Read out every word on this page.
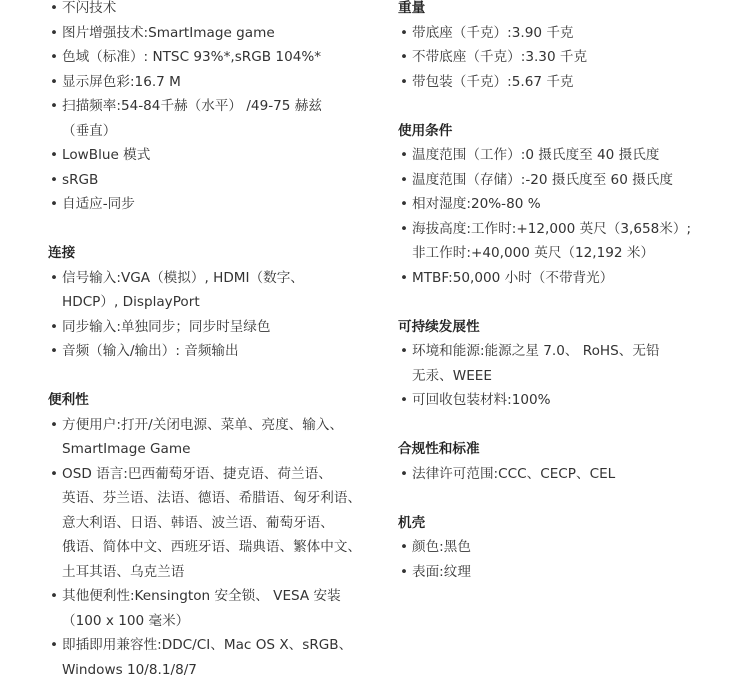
• 不闪技术
• 图片增强技术:SmartImage game
• 色域（标准）: NTSC 93%*,sRGB 104%*
• 显示屏色彩:16.7 M
• 扫描频率:54-84千赫（水平） /49-75 赫兹
（垂直）
• LowBlue 模式
• sRGB
• 自适应-同步
连接
• 信号输入:VGA（模拟）, HDMI（数字、
HDCP）, DisplayPort
• 同步输入:单独同步；同步时呈绿色
• 音频（输入/输出）: 音频输出
便利性
• 方便用户:打开/关闭电源、菜单、亮度、输入、
SmartImage Game
• OSD 语言:巴西葡萄牙语、捷克语、荷兰语、
英语、芬兰语、法语、德语、希腊语、匈牙利语、
意大利语、日语、韩语、波兰语、葡萄牙语、
俄语、简体中文、西班牙语、瑞典语、繁体中文、
土耳其语、乌克兰语
• 其他便利性:Kensington 安全锁、 VESA 安装
（100 x 100 毫米）
• 即插即用兼容性:DDC/CI、Mac OS X、sRGB、
Windows 10/8.1/8/7
重量
• 带底座（千克）:3.90 千克
• 不带底座（千克）:3.30 千克
• 带包装（千克）:5.67 千克
使用条件
• 温度范围（工作）:0 摄氏度至 40 摄氏度
• 温度范围（存储）:-20 摄氏度至 60 摄氏度
• 相对湿度:20%-80 %
• 海拔高度:工作时:+12,000 英尺（3,658米）;
非工作时:+40,000 英尺（12,192 米）
• MTBF:50,000 小时（不带背光）
可持续发展性
• 环境和能源:能源之星 7.0、 RoHS、无铅
无汞、WEEE
• 可回收包装材料:100%
合规性和标准
• 法律许可范围:CCC、CECP、CEL
机壳
• 颜色:黑色
• 表面:纹理
